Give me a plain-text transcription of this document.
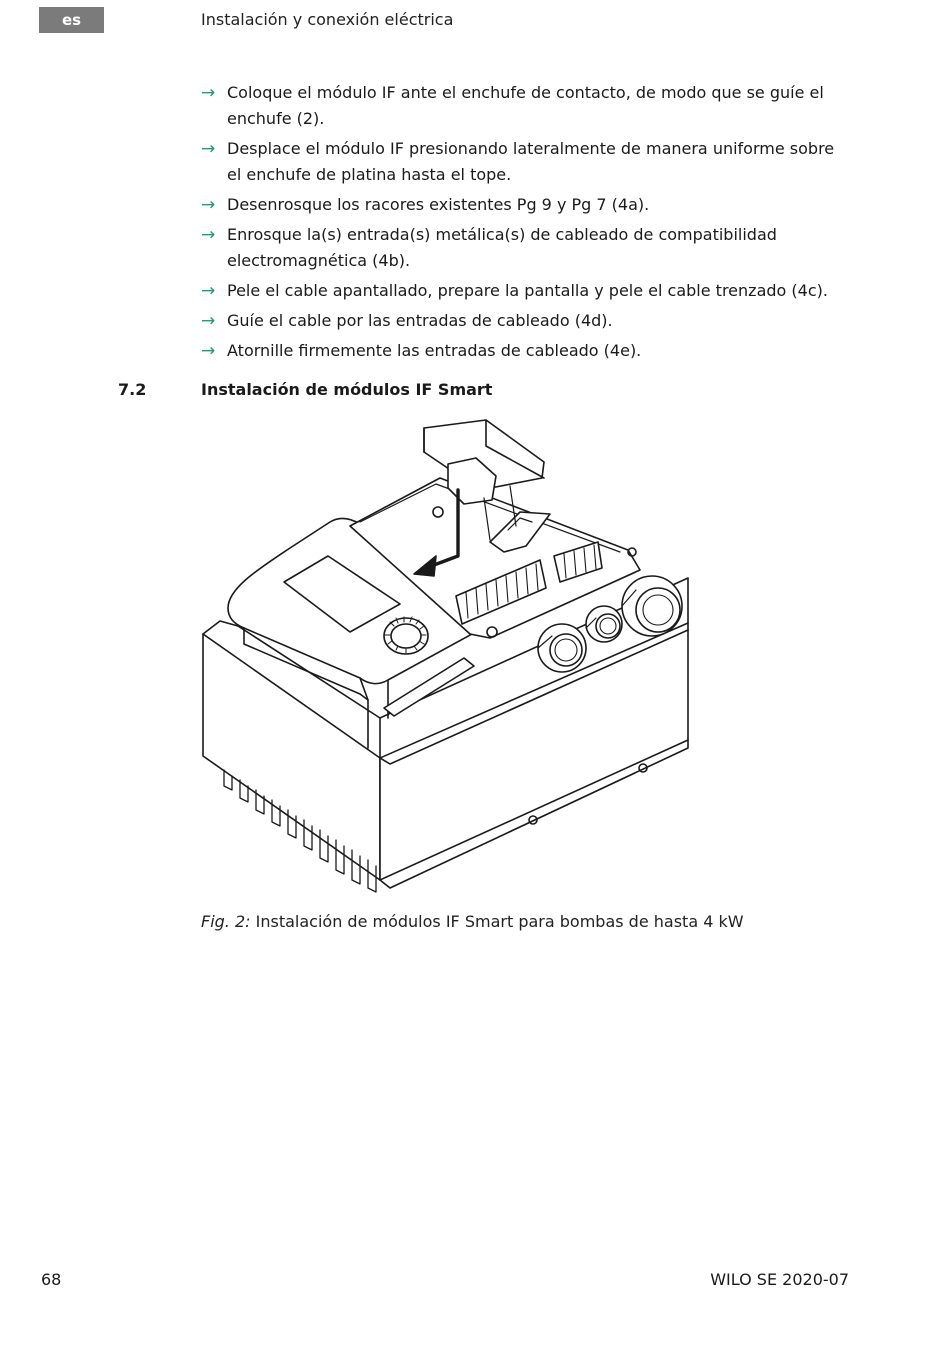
es	Instalación y conexión eléctrica
→ Coloque el módulo IF ante el enchufe de contacto, de modo que se guíe el enchufe (2).
→ Desplace el módulo IF presionando lateralmente de manera uniforme sobre el enchufe de platina hasta el tope.
→ Desenrosque los racores existentes Pg 9 y Pg 7 (4a).
→ Enrosque la(s) entrada(s) metálica(s) de cableado de compatibilidad electromagnética (4b).
→ Pele el cable apantallado, prepare la pantalla y pele el cable trenzado (4c).
→ Guíe el cable por las entradas de cableado (4d).
→ Atornille firmemente las entradas de cableado (4e).
7.2	Instalación de módulos IF Smart
Fig. 2: Instalación de módulos IF Smart para bombas de hasta 4 kW
68	WILO SE 2020-07
